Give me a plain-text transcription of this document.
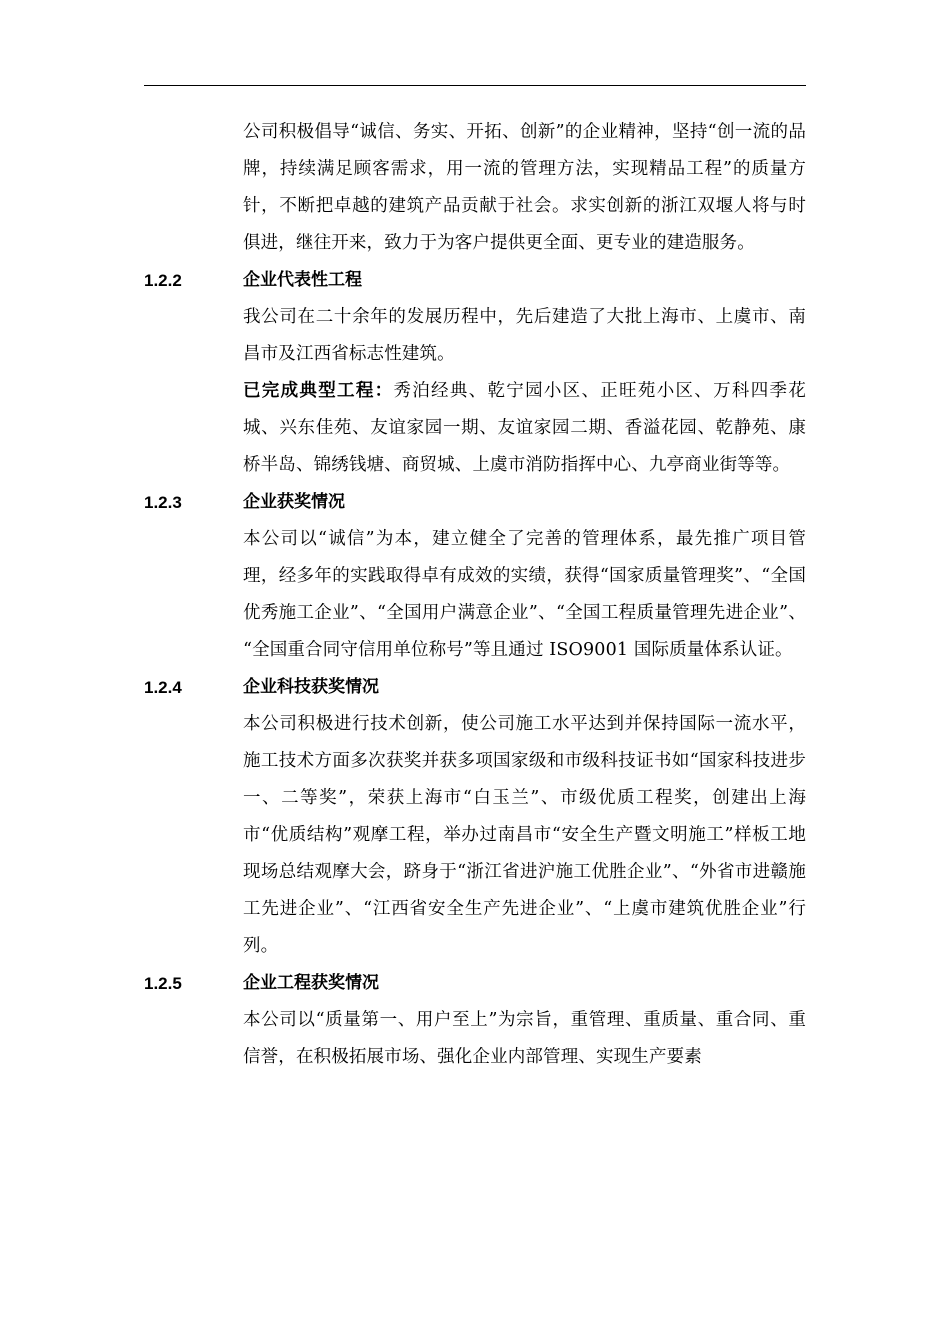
公司积极倡导“诚信、务实、开拓、创新”的企业精神，坚持“创一流的品牌，持续满足顾客需求，用一流的管理方法，实现精品工程”的质量方针，不断把卓越的建筑产品贡献于社会。求实创新的浙江双堰人将与时俱进，继往开来，致力于为客户提供更全面、更专业的建造服务。
1.2.2	企业代表性工程
我公司在二十余年的发展历程中，先后建造了大批上海市、上虞市、南昌市及江西省标志性建筑。
已完成典型工程：秀泊经典、乾宁园小区、正旺苑小区、万科四季花城、兴东佳苑、友谊家园一期、友谊家园二期、香溢花园、乾静苑、康桥半岛、锦绣钱塘、商贸城、上虞市消防指挥中心、九亭商业街等等。
1.2.3	企业获奖情况
本公司以“诚信”为本，建立健全了完善的管理体系，最先推广项目管理，经多年的实践取得卓有成效的实绩，获得“国家质量管理奖”、“全国优秀施工企业”、“全国用户满意企业”、“全国工程质量管理先进企业”、 “全国重合同守信用单位称号”等且通过 ISO9001 国际质量体系认证。
1.2.4	企业科技获奖情况
本公司积极进行技术创新，使公司施工水平达到并保持国际一流水平，施工技术方面多次获奖并获多项国家级和市级科技证书如“国家科技进步一、二等奖”，荣获上海市“白玉兰”、市级优质工程奖，创建出上海市“优质结构”观摩工程，举办过南昌市“安全生产暨文明施工”样板工地现场总结观摩大会，跻身于“浙江省进沪施工优胜企业”、“外省市进赣施工先进企业”、“江西省安全生产先进企业”、“上虞市建筑优胜企业”行列。
1.2.5	企业工程获奖情况
本公司以“质量第一、用户至上”为宗旨，重管理、重质量、重合同、重信誉，在积极拓展市场、强化企业内部管理、实现生产要素
